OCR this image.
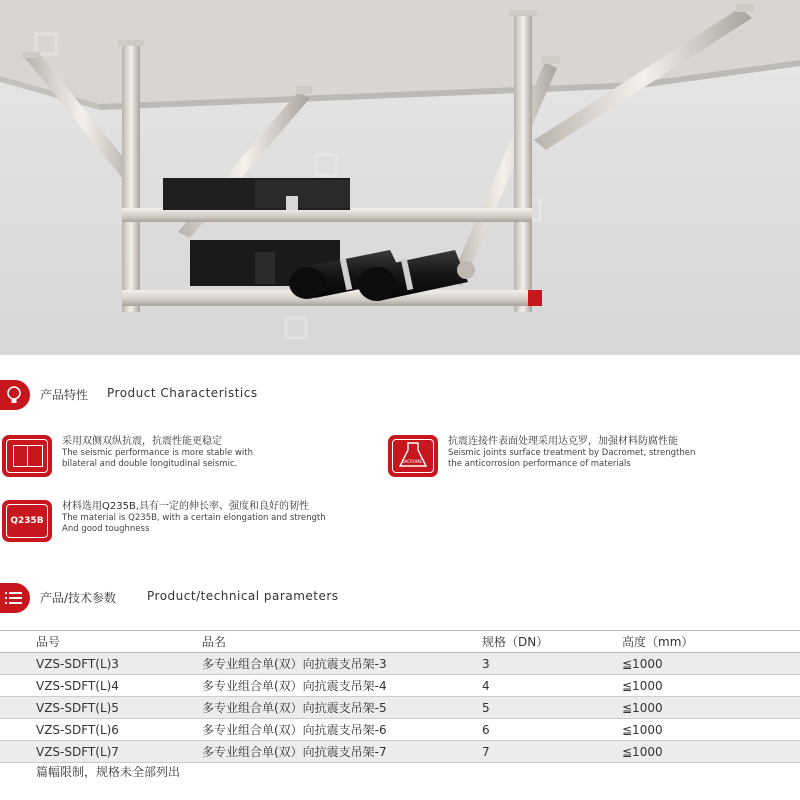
产品特性 Product Characteristics
采用双侧双纵抗震，抗震性能更稳定
The seismic performance is more stable with
bilateral and double longitudinal seismic.	DACROMET
抗震连接件表面处理采用达克罗，加强材料防腐性能
Seismic joints surface treatment by Dacromet, strengthen
the anticorrosion performance of materials
Q235B
材料选用Q235B,具有一定的伸长率、强度和良好的韧性
The material is Q235B, with a certain elongation and strength
And good toughness
产品/技术参数	Product/technical parameters
品号	品名	规格（DN）	高度（mm）
VZS-SDFT(L)3	多专业组合单(双）向抗震支吊架-3	3	≦1000
VZS-SDFT(L)4	多专业组合单(双）向抗震支吊架-4	4	≦1000
VZS-SDFT(L)5	多专业组合单(双）向抗震支吊架-5	5	≦1000
VZS-SDFT(L)6	多专业组合单(双）向抗震支吊架-6	6	≦1000
VZS-SDFT(L)7	多专业组合单(双）向抗震支吊架-7	7	≦1000
篇幅限制，规格未全部列出
